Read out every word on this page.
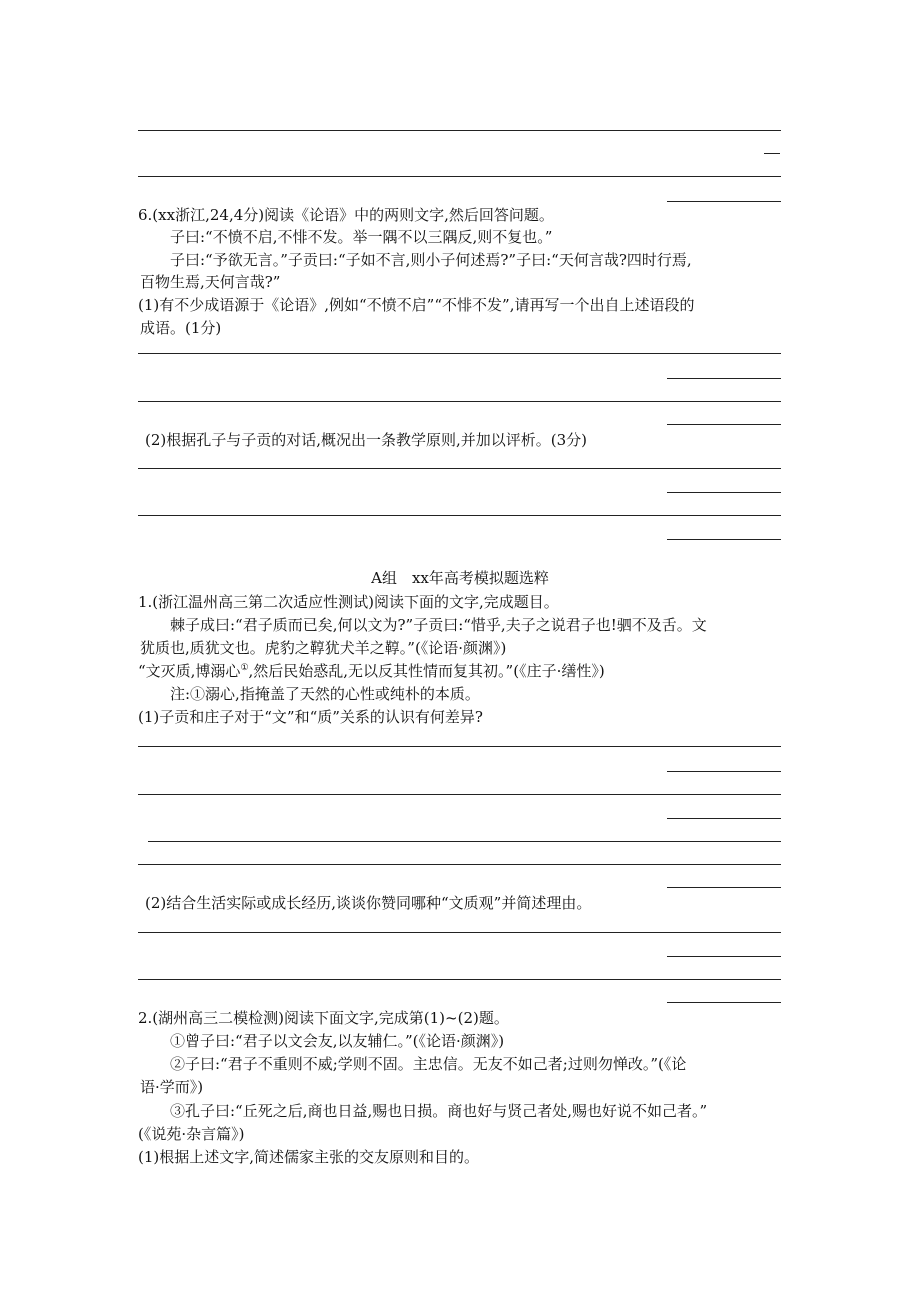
6.(xx浙江,24,4分)阅读《论语》中的两则文字,然后回答问题。
子曰:“不愤不启,不悱不发。举一隅不以三隅反,则不复也。”
子曰:“予欲无言。”子贡曰:“子如不言,则小子何述焉?”子曰:“天何言哉?四时行焉,
百物生焉,天何言哉?”
(1)有不少成语源于《论语》,例如“不愤不启”“不悱不发”,请再写一个出自上述语段的
成语。(1分)
(2)根据孔子与子贡的对话,概况出一条教学原则,并加以评析。(3分)
A组　xx年高考模拟题选粹
1.(浙江温州高三第二次适应性测试)阅读下面的文字,完成题目。
棘子成曰:“君子质而已矣,何以文为?”子贡曰:“惜乎,夫子之说君子也!驷不及舌。文
犹质也,质犹文也。虎豹之鞟犹犬羊之鞟。”(《论语·颜渊》)
“文灭质,博溺心①,然后民始惑乱,无以反其性情而复其初。”(《庄子·缮性》)
注:①溺心,指掩盖了天然的心性或纯朴的本质。
(1)子贡和庄子对于“文”和“质”关系的认识有何差异?
(2)结合生活实际或成长经历,谈谈你赞同哪种“文质观”并简述理由。
2.(湖州高三二模检测)阅读下面文字,完成第(1)~(2)题。
①曾子曰:“君子以文会友,以友辅仁。”(《论语·颜渊》)
②子曰:“君子不重则不威;学则不固。主忠信。无友不如己者;过则勿惮改。”(《论
语·学而》)
③孔子曰:“丘死之后,商也日益,赐也日损。商也好与贤己者处,赐也好说不如己者。”
(《说苑·杂言篇》)
(1)根据上述文字,简述儒家主张的交友原则和目的。
